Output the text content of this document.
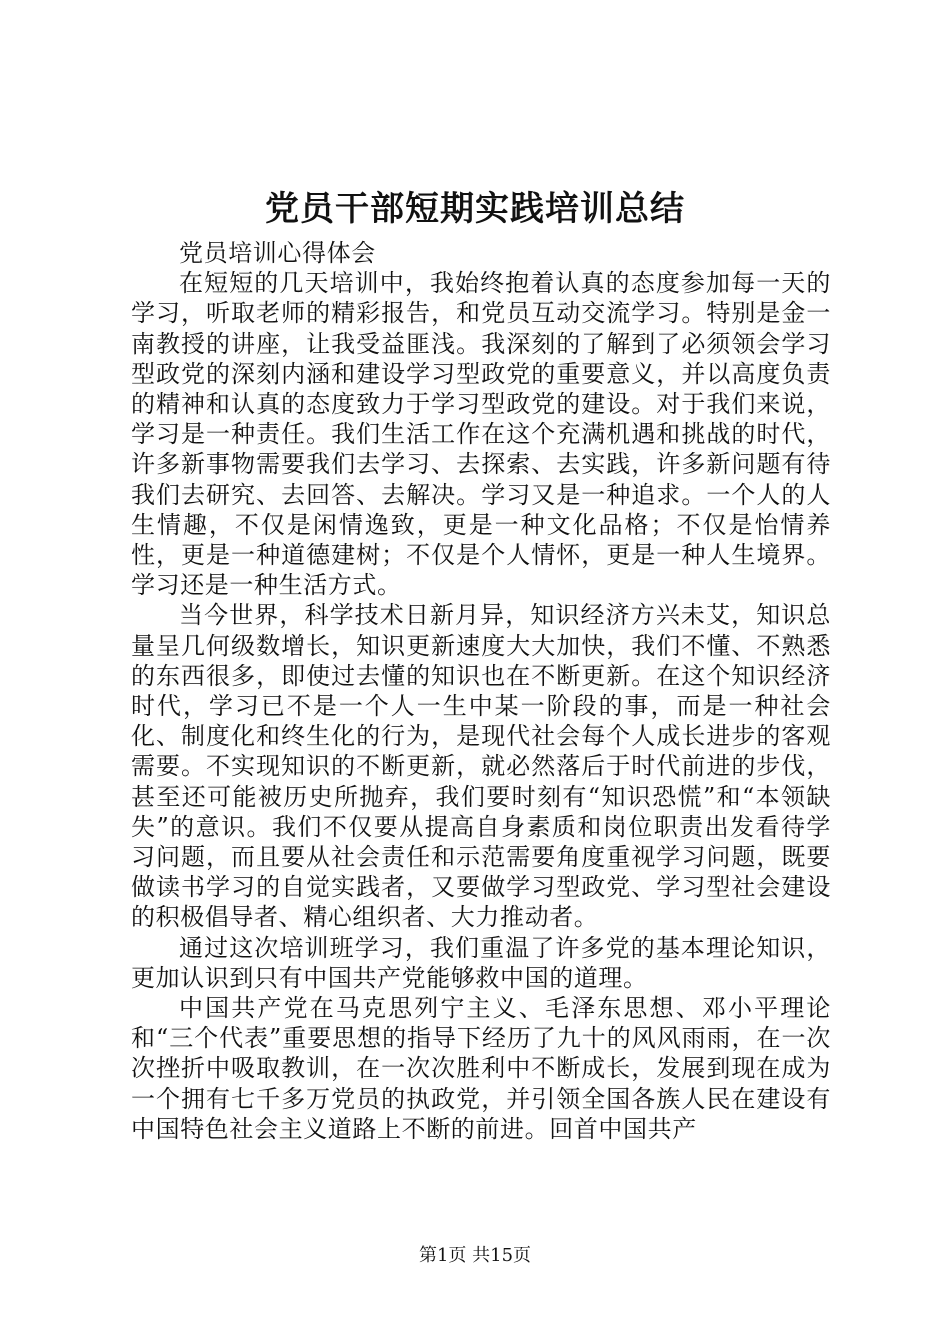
党员干部短期实践培训总结

党员培训心得体会

在短短的几天培训中，我始终抱着认真的态度参加每一天的学习，听取老师的精彩报告，和党员互动交流学习。特别是金一南教授的讲座，让我受益匪浅。我深刻的了解到了必须领会学习型政党的深刻内涵和建设学习型政党的重要意义，并以高度负责的精神和认真的态度致力于学习型政党的建设。对于我们来说，学习是一种责任。我们生活工作在这个充满机遇和挑战的时代，许多新事物需要我们去学习、去探索、去实践，许多新问题有待我们去研究、去回答、去解决。学习又是一种追求。一个人的人生情趣，不仅是闲情逸致，更是一种文化品格；不仅是怡情养性，更是一种道德建树；不仅是个人情怀，更是一种人生境界。学习还是一种生活方式。

当今世界，科学技术日新月异，知识经济方兴未艾，知识总量呈几何级数增长，知识更新速度大大加快，我们不懂、不熟悉的东西很多，即使过去懂的知识也在不断更新。在这个知识经济时代，学习已不是一个人一生中某一阶段的事，而是一种社会化、制度化和终生化的行为，是现代社会每个人成长进步的客观需要。不实现知识的不断更新，就必然落后于时代前进的步伐，甚至还可能被历史所抛弃，我们要时刻有“知识恐慌”和“本领缺失”的意识。我们不仅要从提高自身素质和岗位职责出发看待学习问题，而且要从社会责任和示范需要角度重视学习问题，既要做读书学习的自觉实践者，又要做学习型政党、学习型社会建设的积极倡导者、精心组织者、大力推动者。

通过这次培训班学习，我们重温了许多党的基本理论知识，更加认识到只有中国共产党能够救中国的道理。

中国共产党在马克思列宁主义、毛泽东思想、邓小平理论和“三个代表”重要思想的指导下经历了九十的风风雨雨，在一次次挫折中吸取教训，在一次次胜利中不断成长，发展到现在成为一个拥有七千多万党员的执政党，并引领全国各族人民在建设有中国特色社会主义道路上不断的前进。回首中国共产

第1页 共15页
